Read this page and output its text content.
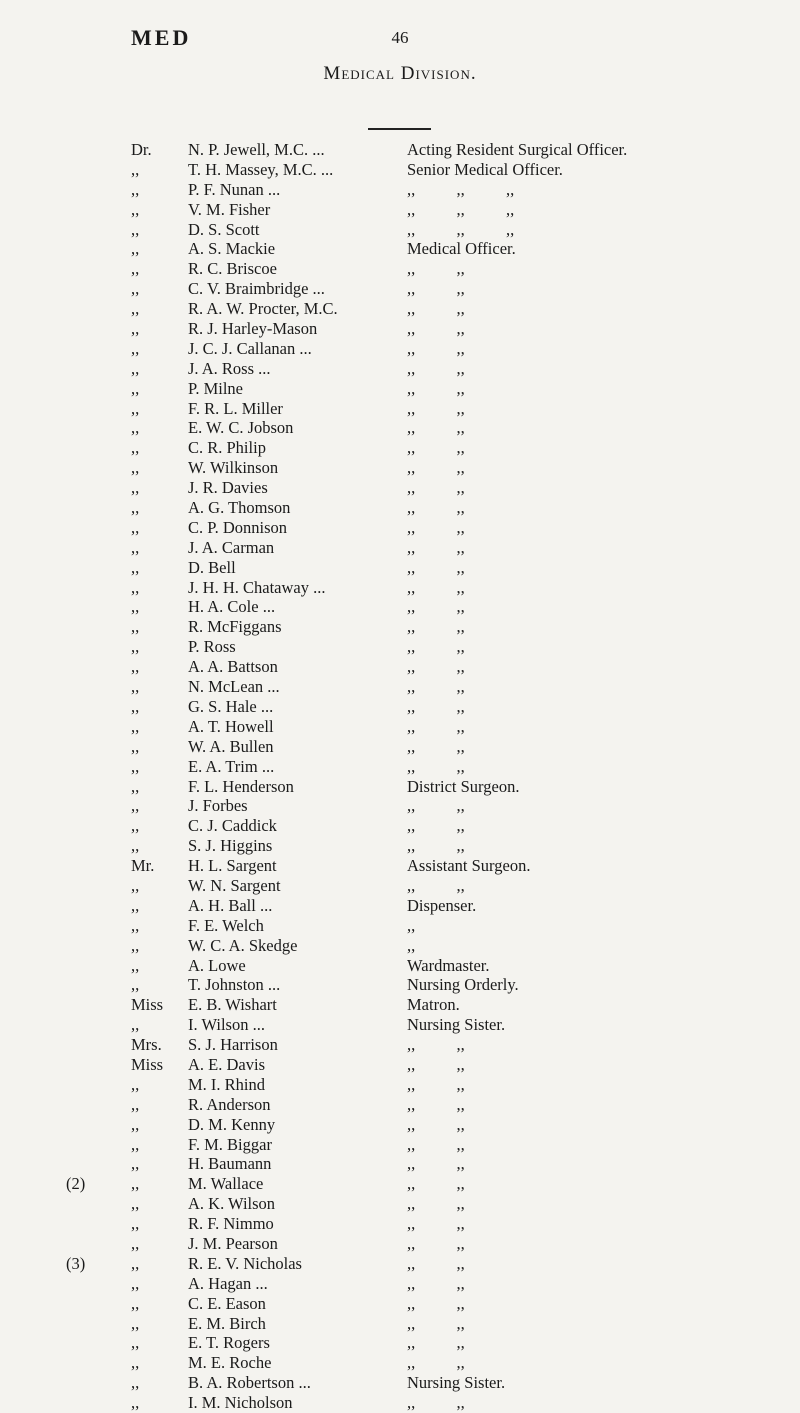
MED	46
Medical Division.
Dr. N. P. Jewell, M.C. ...	Acting Resident Surgical Officer.
,,	T. H. Massey, M.C. ...	Senior Medical Officer.
,,	P. F. Nunan ...	,,          ,,          ,,
,,	V. M. Fisher	,,          ,,          ,,
,,	D. S. Scott	,,          ,,          ,,
,,	A. S. Mackie	Medical Officer.
,,	R. C. Briscoe	,,          ,,
,,	C. V. Braimbridge ...	,,          ,,
,,	R. A. W. Procter, M.C.	,,          ,,
,,	R. J. Harley-Mason	,,          ,,
,,	J. C. J. Callanan ...	,,          ,,
,,	J. A. Ross ...	,,          ,,
,,	P. Milne	,,          ,,
,,	F. R. L. Miller	,,          ,,
,,	E. W. C. Jobson	,,          ,,
,,	C. R. Philip	,,          ,,
,,	W. Wilkinson	,,          ,,
,,	J. R. Davies	,,          ,,
,,	A. G. Thomson	,,          ,,
,,	C. P. Donnison	,,          ,,
,,	J. A. Carman	,,          ,,
,,	D. Bell	,,          ,,
,,	J. H. H. Chataway ...	,,          ,,
,,	H. A. Cole ...	,,          ,,
,,	R. McFiggans	,,          ,,
,,	P. Ross	,,          ,,
,,	A. A. Battson	,,          ,,
,,	N. McLean ...	,,          ,,
,,	G. S. Hale ...	,,          ,,
,,	A. T. Howell	,,          ,,
,,	W. A. Bullen	,,          ,,
,,	E. A. Trim ...	,,          ,,
,,	F. L. Henderson	District Surgeon.
,,	J. Forbes	,,          ,,
,,	C. J. Caddick	,,          ,,
,,	S. J. Higgins	,,          ,,
Mr. H. L. Sargent	Assistant Surgeon.
,,	W. N. Sargent	,,          ,,
,,	A. H. Ball ...	Dispenser.
,,	F. E. Welch	,,
,,	W. C. A. Skedge	,,
,,	A. Lowe	Wardmaster.
,,	T. Johnston ...	Nursing Orderly.
Miss E. B. Wishart	Matron.
,,	I. Wilson ...	Nursing Sister.
Mrs. S. J. Harrison	,,          ,,
Miss A. E. Davis	,,          ,,
,,	M. I. Rhind	,,          ,,
,,	R. Anderson	,,          ,,
,,	D. M. Kenny	,,          ,,
,,	F. M. Biggar	,,          ,,
,,	H. Baumann	,,          ,,
(2)	,,	M. Wallace	,,          ,,
,,	A. K. Wilson	,,          ,,
,,	R. F. Nimmo	,,          ,,
,,	J. M. Pearson	,,          ,,
(3)	,,	R. E. V. Nicholas	,,          ,,
,,	A. Hagan ...	,,          ,,
,,	C. E. Eason	,,          ,,
,,	E. M. Birch	,,          ,,
,,	E. T. Rogers	,,          ,,
,,	M. E. Roche	,,          ,,
,,	B. A. Robertson ...	Nursing Sister.
,,	I. M. Nicholson	,,          ,,
